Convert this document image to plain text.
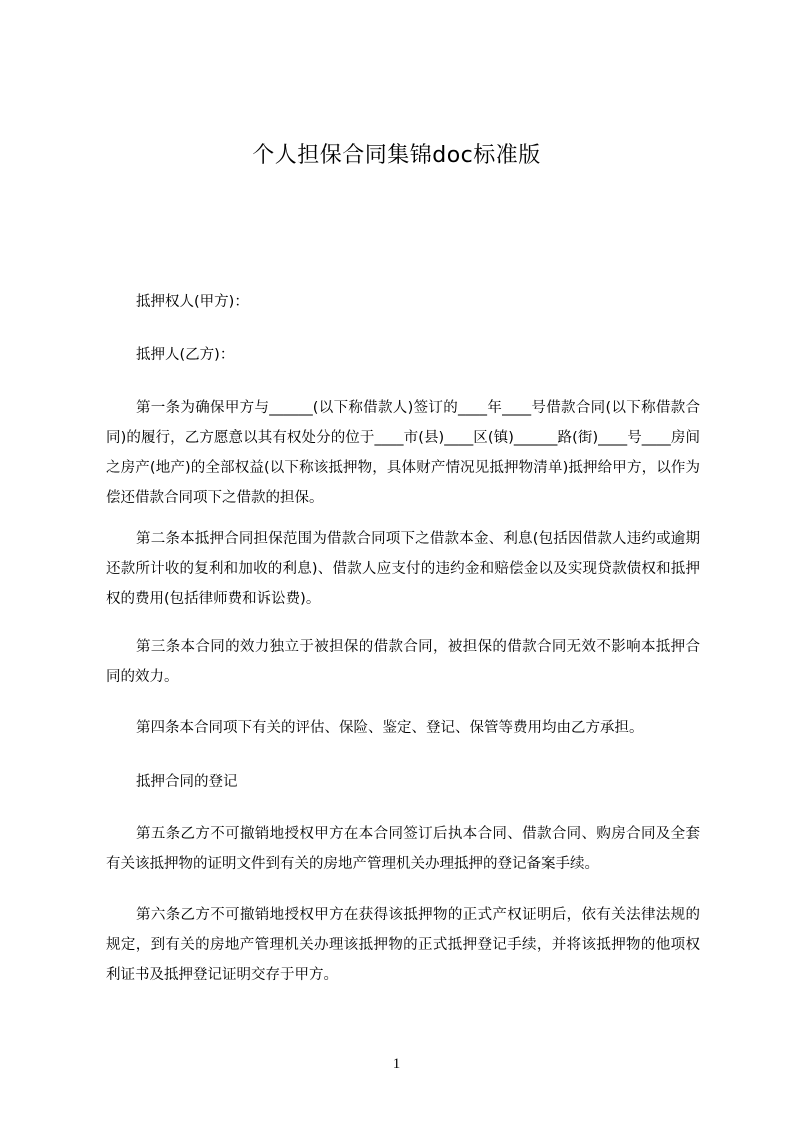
个人担保合同集锦doc标准版

抵押权人(甲方)：

抵押人(乙方)：

第一条为确保甲方与______(以下称借款人)签订的____年____号借款合同(以下称借款合同)的履行，乙方愿意以其有权处分的位于____市(县)____区(镇)______路(街)____号____房间之房产(地产)的全部权益(以下称该抵押物，具体财产情况见抵押物清单)抵押给甲方，以作为偿还借款合同项下之借款的担保。

第二条本抵押合同担保范围为借款合同项下之借款本金、利息(包括因借款人违约或逾期还款所计收的复利和加收的利息)、借款人应支付的违约金和赔偿金以及实现贷款债权和抵押权的费用(包括律师费和诉讼费)。

第三条本合同的效力独立于被担保的借款合同，被担保的借款合同无效不影响本抵押合同的效力。

第四条本合同项下有关的评估、保险、鉴定、登记、保管等费用均由乙方承担。

抵押合同的登记

第五条乙方不可撤销地授权甲方在本合同签订后执本合同、借款合同、购房合同及全套有关该抵押物的证明文件到有关的房地产管理机关办理抵押的登记备案手续。

第六条乙方不可撤销地授权甲方在获得该抵押物的正式产权证明后，依有关法律法规的规定，到有关的房地产管理机关办理该抵押物的正式抵押登记手续，并将该抵押物的他项权利证书及抵押登记证明交存于甲方。

1
